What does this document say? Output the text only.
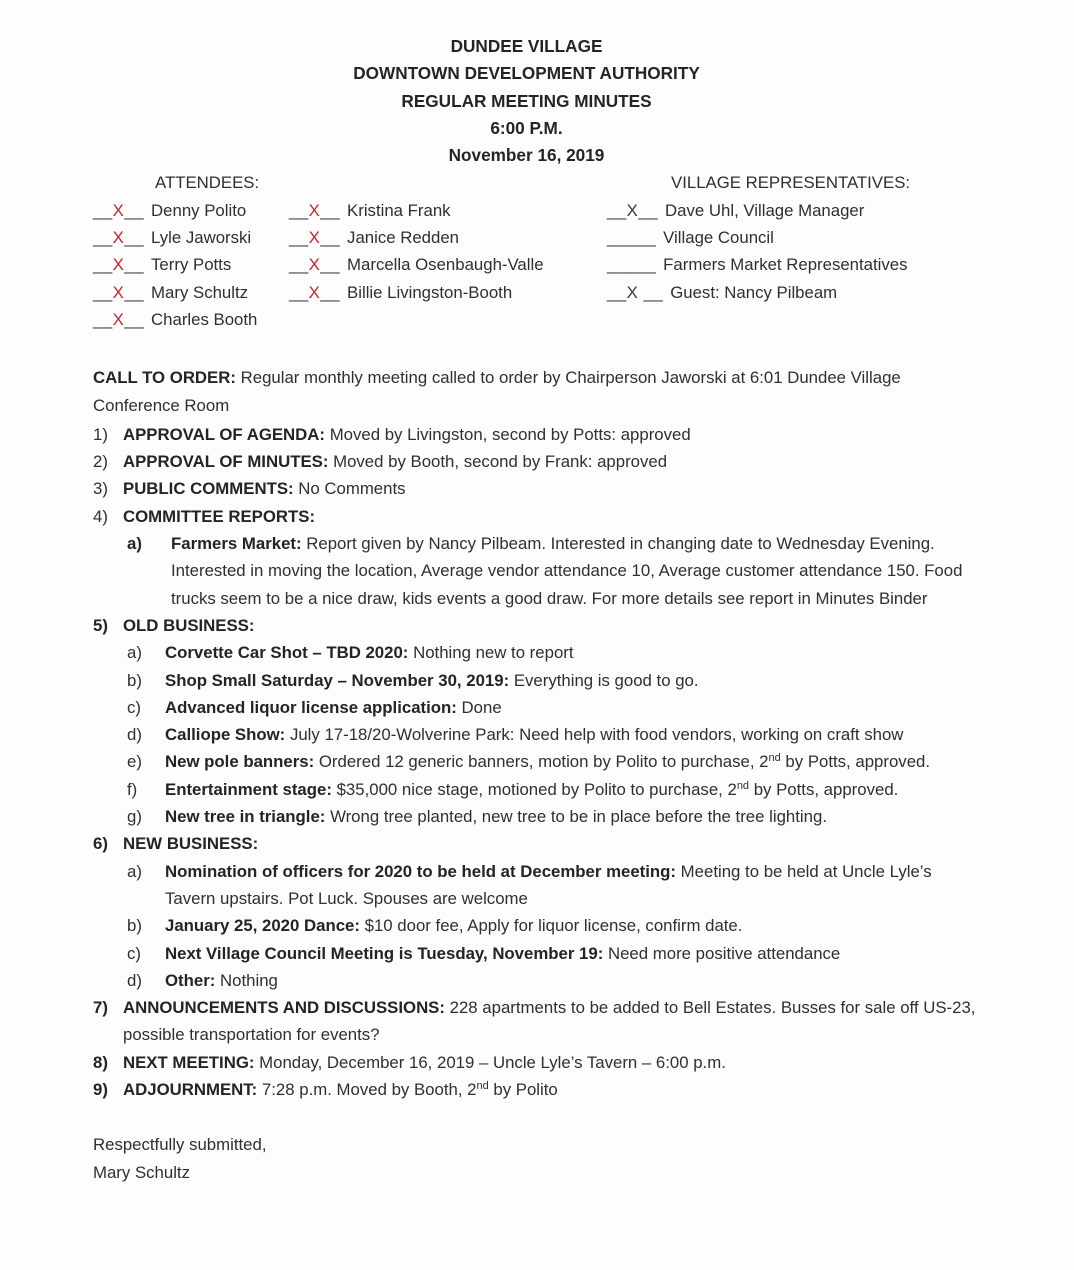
DUNDEE VILLAGE
DOWNTOWN DEVELOPMENT AUTHORITY
REGULAR MEETING MINUTES
6:00 P.M.
November 16, 2019
ATTENDEES:
__X__ Denny Polito
__X__ Lyle Jaworski
__X__ Terry Potts
__X__ Mary Schultz
__X__ Charles Booth
__X__ Kristina Frank
__X__ Janice Redden
__X__ Marcella Osenbaugh-Valle
__X__ Billie Livingston-Booth
VILLAGE REPRESENTATIVES:
__X__ Dave Uhl, Village Manager
_____ Village Council
_____ Farmers Market Representatives
__X __ Guest: Nancy Pilbeam
CALL TO ORDER: Regular monthly meeting called to order by Chairperson Jaworski at 6:01 Dundee Village Conference Room
1) APPROVAL OF AGENDA: Moved by Livingston, second by Potts: approved
2) APPROVAL OF MINUTES: Moved by Booth, second by Frank: approved
3) PUBLIC COMMENTS: No Comments
4) COMMITTEE REPORTS:
a)	Farmers Market: Report given by Nancy Pilbeam. Interested in changing date to Wednesday Evening. Interested in moving the location, Average vendor attendance 10, Average customer attendance 150. Food trucks seem to be a nice draw, kids events a good draw. For more details see report in Minutes Binder
5) OLD BUSINESS:
a)	Corvette Car Shot – TBD 2020: Nothing new to report
b)	Shop Small Saturday – November 30, 2019: Everything is good to go.
c)	Advanced liquor license application: Done
d)	Calliope Show: July 17-18/20-Wolverine Park: Need help with food vendors, working on craft show
e)	New pole banners: Ordered 12 generic banners, motion by Polito to purchase, 2nd by Potts, approved.
f)	Entertainment stage: $35,000 nice stage, motioned by Polito to purchase, 2nd by Potts, approved.
g)	New tree in triangle: Wrong tree planted, new tree to be in place before the tree lighting.
6) NEW BUSINESS:
a)	Nomination of officers for 2020 to be held at December meeting: Meeting to be held at Uncle Lyle’s Tavern upstairs. Pot Luck. Spouses are welcome
b)	January 25, 2020 Dance: $10 door fee, Apply for liquor license, confirm date.
c)	Next Village Council Meeting is Tuesday, November 19: Need more positive attendance
d)	Other: Nothing
7) ANNOUNCEMENTS AND DISCUSSIONS: 228 apartments to be added to Bell Estates. Busses for sale off US-23, possible transportation for events?
8) NEXT MEETING: Monday, December 16, 2019 – Uncle Lyle’s Tavern – 6:00 p.m.
9) ADJOURNMENT: 7:28 p.m. Moved by Booth, 2nd by Polito
Respectfully submitted,
Mary Schultz
